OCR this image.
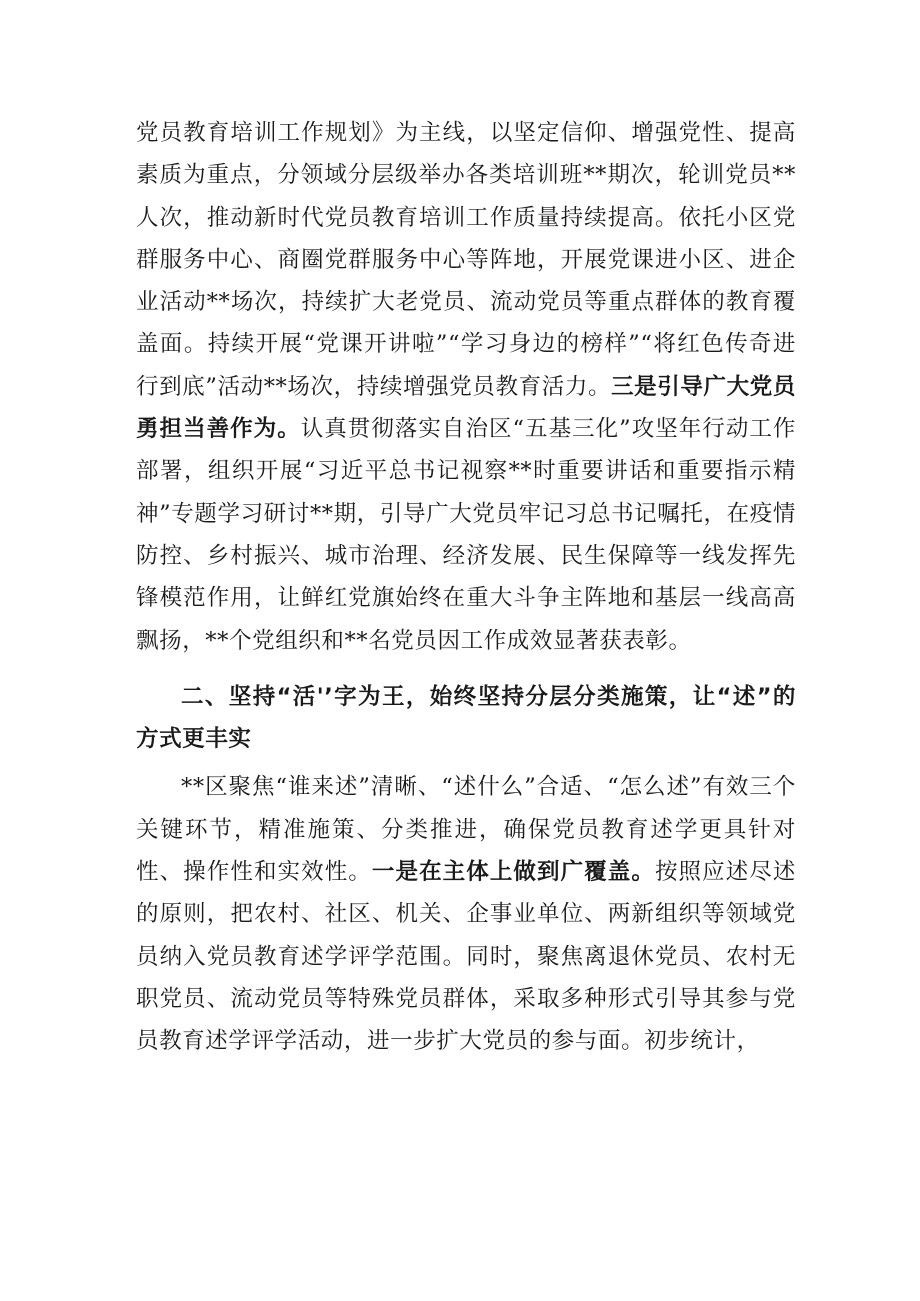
党员教育培训工作规划》为主线，以坚定信仰、增强党性、提高素质为重点，分领域分层级举办各类培训班**期次，轮训党员**人次，推动新时代党员教育培训工作质量持续提高。依托小区党群服务中心、商圈党群服务中心等阵地，开展党课进小区、进企业活动**场次，持续扩大老党员、流动党员等重点群体的教育覆盖面。持续开展“党课开讲啦”“学习身边的榜样”“将红色传奇进行到底”活动**场次，持续增强党员教育活力。三是引导广大党员勇担当善作为。认真贯彻落实自治区“五基三化”攻坚年行动工作部署，组织开展“习近平总书记视察**时重要讲话和重要指示精神”专题学习研讨**期，引导广大党员牢记习总书记嘱托，在疫情防控、乡村振兴、城市治理、经济发展、民生保障等一线发挥先锋模范作用，让鲜红党旗始终在重大斗争主阵地和基层一线高高飘扬，**个党组织和**名党员因工作成效显著获表彰。

二、坚持“活'’字为王，始终坚持分层分类施策，让“述”的方式更丰实

**区聚焦“谁来述”清晰、“述什么”合适、“怎么述”有效三个关键环节，精准施策、分类推进，确保党员教育述学更具针对性、操作性和实效性。一是在主体上做到广覆盖。按照应述尽述的原则，把农村、社区、机关、企事业单位、两新组织等领域党员纳入党员教育述学评学范围。同时，聚焦离退休党员、农村无职党员、流动党员等特殊党员群体，采取多种形式引导其参与党员教育述学评学活动，进一步扩大党员的参与面。初步统计，
